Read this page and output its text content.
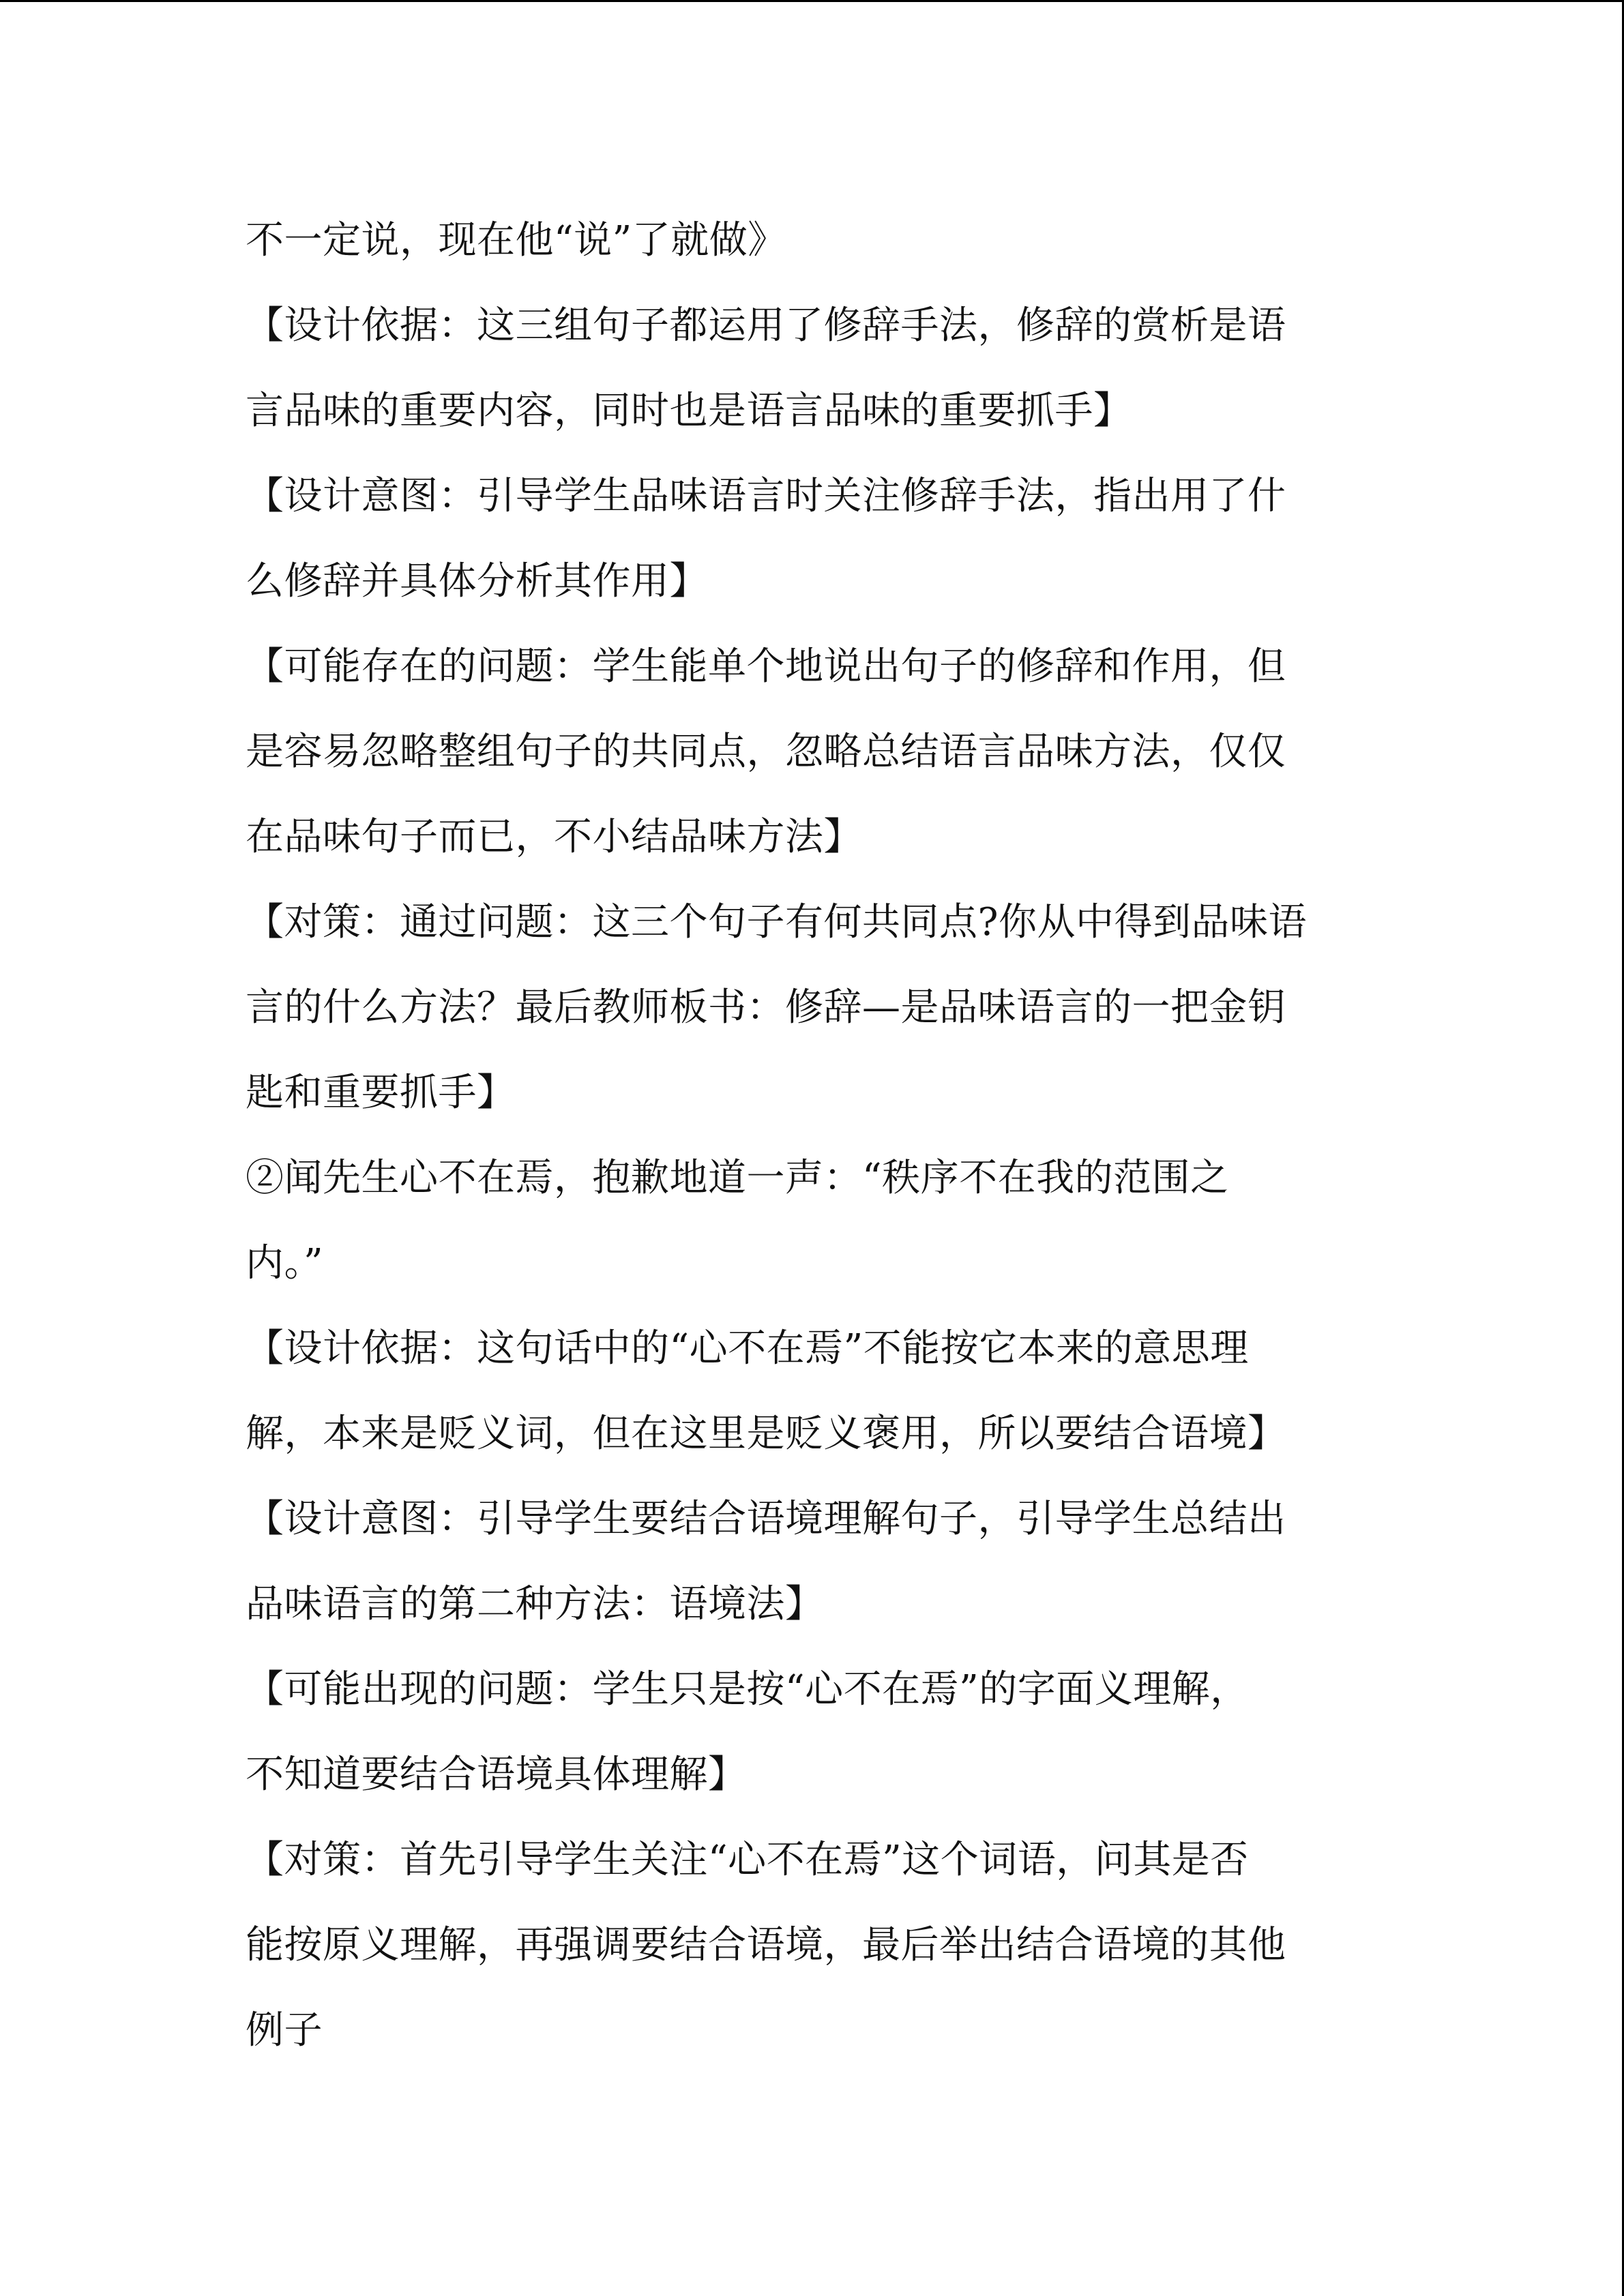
不一定说，现在他“说”了就做》

【设计依据：这三组句子都运用了修辞手法，修辞的赏析是语

言品味的重要内容，同时也是语言品味的重要抓手】

【设计意图：引导学生品味语言时关注修辞手法，指出用了什

么修辞并具体分析其作用】

【可能存在的问题：学生能单个地说出句子的修辞和作用，但

是容易忽略整组句子的共同点，忽略总结语言品味方法，仅仅

在品味句子而已，不小结品味方法】

【对策：通过问题：这三个句子有何共同点?你从中得到品味语

言的什么方法？最后教师板书：修辞—是品味语言的一把金钥

匙和重要抓手】

②闻先生心不在焉，抱歉地道一声：“秩序不在我的范围之

内。”

【设计依据：这句话中的“心不在焉”不能按它本来的意思理

解，本来是贬义词，但在这里是贬义褒用，所以要结合语境】

【设计意图：引导学生要结合语境理解句子，引导学生总结出

品味语言的第二种方法：语境法】

【可能出现的问题：学生只是按“心不在焉”的字面义理解，

不知道要结合语境具体理解】

【对策：首先引导学生关注“心不在焉”这个词语，问其是否

能按原义理解，再强调要结合语境，最后举出结合语境的其他

例子
